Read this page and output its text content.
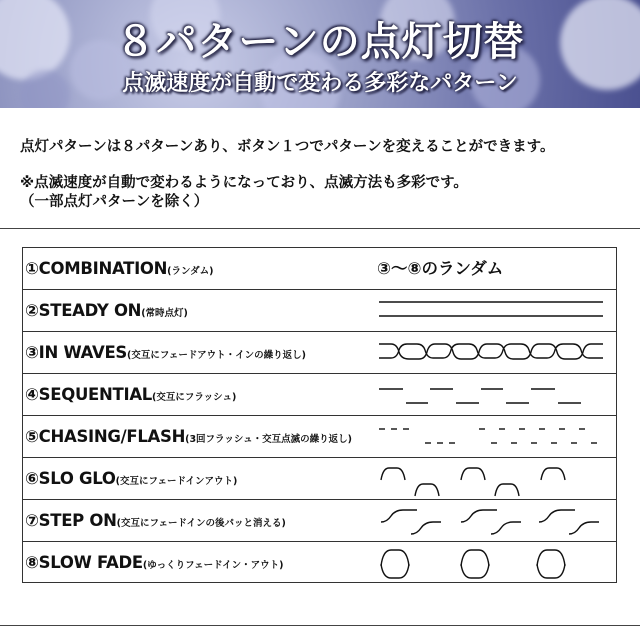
８パターンの点灯切替
点滅速度が自動で変わる多彩なパターン
点灯パターンは８パターンあり、ボタン１つでパターンを変えることができます。
※点滅速度が自動で変わるようになっており、点滅方法も多彩です。
（一部点灯パターンを除く）
①COMBINATION(ランダム)	③～⑧のランダム
②STEADY ON(常時点灯)
③IN WAVES(交互にフェードアウト・インの繰り返し)
④SEQUENTIAL(交互にフラッシュ)
⑤CHASING/FLASH(3回フラッシュ・交互点滅の繰り返し)
⑥SLO GLO(交互にフェードインアウト)
⑦STEP ON(交互にフェードインの後パッと消える)
⑧SLOW FADE(ゆっくりフェードイン・アウト)
